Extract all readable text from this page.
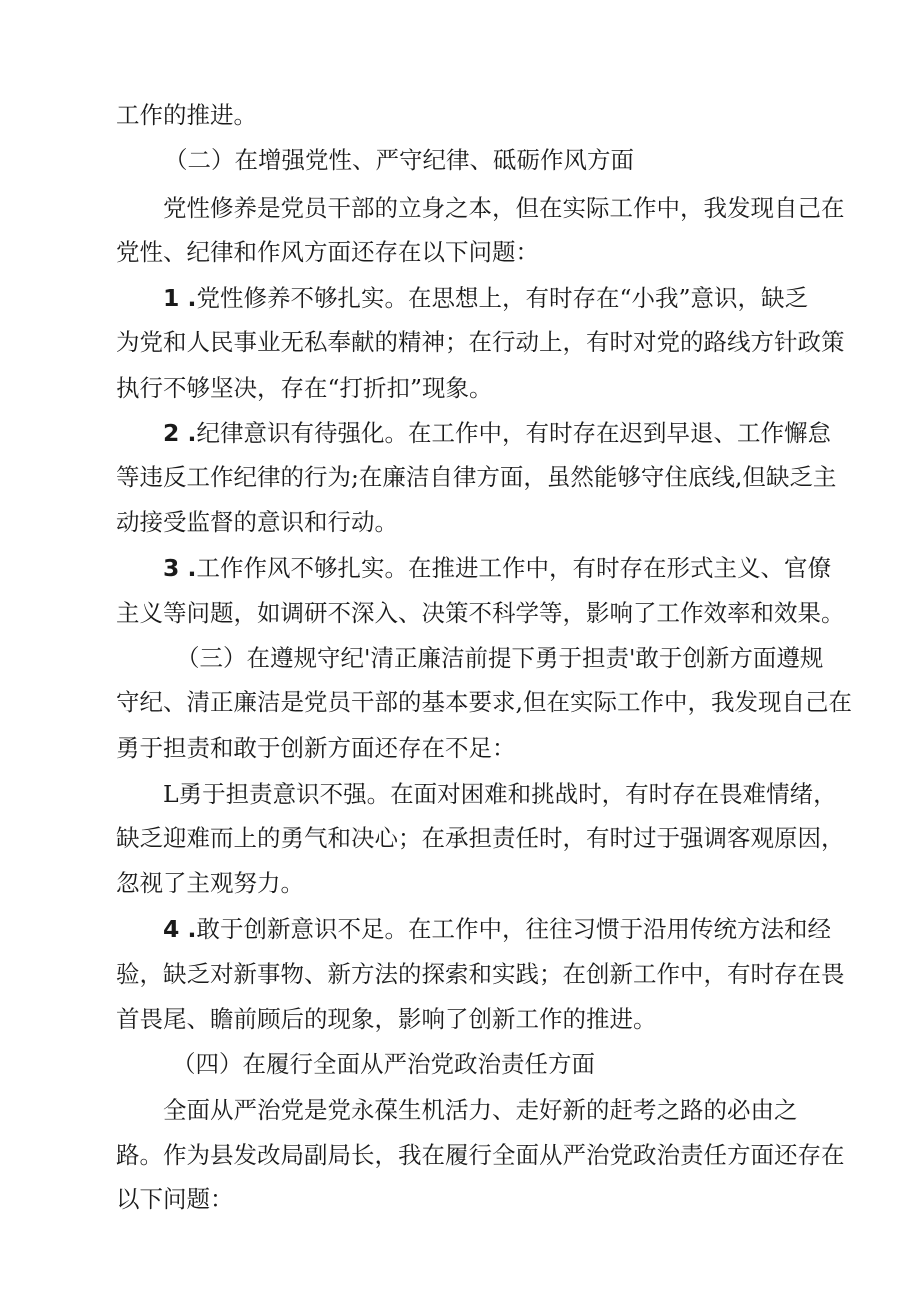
工作的推进。
（二）在增强党性、严守纪律、砥砺作风方面
党性修养是党员干部的立身之本，但在实际工作中，我发现自己在
党性、纪律和作风方面还存在以下问题：
1 .党性修养不够扎实。在思想上，有时存在“小我”意识，缺乏
为党和人民事业无私奉献的精神；在行动上，有时对党的路线方针政策
执行不够坚决，存在“打折扣”现象。
2 .纪律意识有待强化。在工作中，有时存在迟到早退、工作懈怠
等违反工作纪律的行为;在廉洁自律方面，虽然能够守住底线,但缺乏主
动接受监督的意识和行动。
3 .工作作风不够扎实。在推进工作中，有时存在形式主义、官僚
主义等问题，如调研不深入、决策不科学等，影响了工作效率和效果。
（三）在遵规守纪'清正廉洁前提下勇于担责'敢于创新方面遵规
守纪、清正廉洁是党员干部的基本要求,但在实际工作中，我发现自己在
勇于担责和敢于创新方面还存在不足：
L勇于担责意识不强。在面对困难和挑战时，有时存在畏难情绪，
缺乏迎难而上的勇气和决心；在承担责任时，有时过于强调客观原因，
忽视了主观努力。
4 .敢于创新意识不足。在工作中，往往习惯于沿用传统方法和经
验，缺乏对新事物、新方法的探索和实践；在创新工作中，有时存在畏
首畏尾、瞻前顾后的现象，影响了创新工作的推进。
（四）在履行全面从严治党政治责任方面
全面从严治党是党永葆生机活力、走好新的赶考之路的必由之
路。作为县发改局副局长，我在履行全面从严治党政治责任方面还存在
以下问题：
